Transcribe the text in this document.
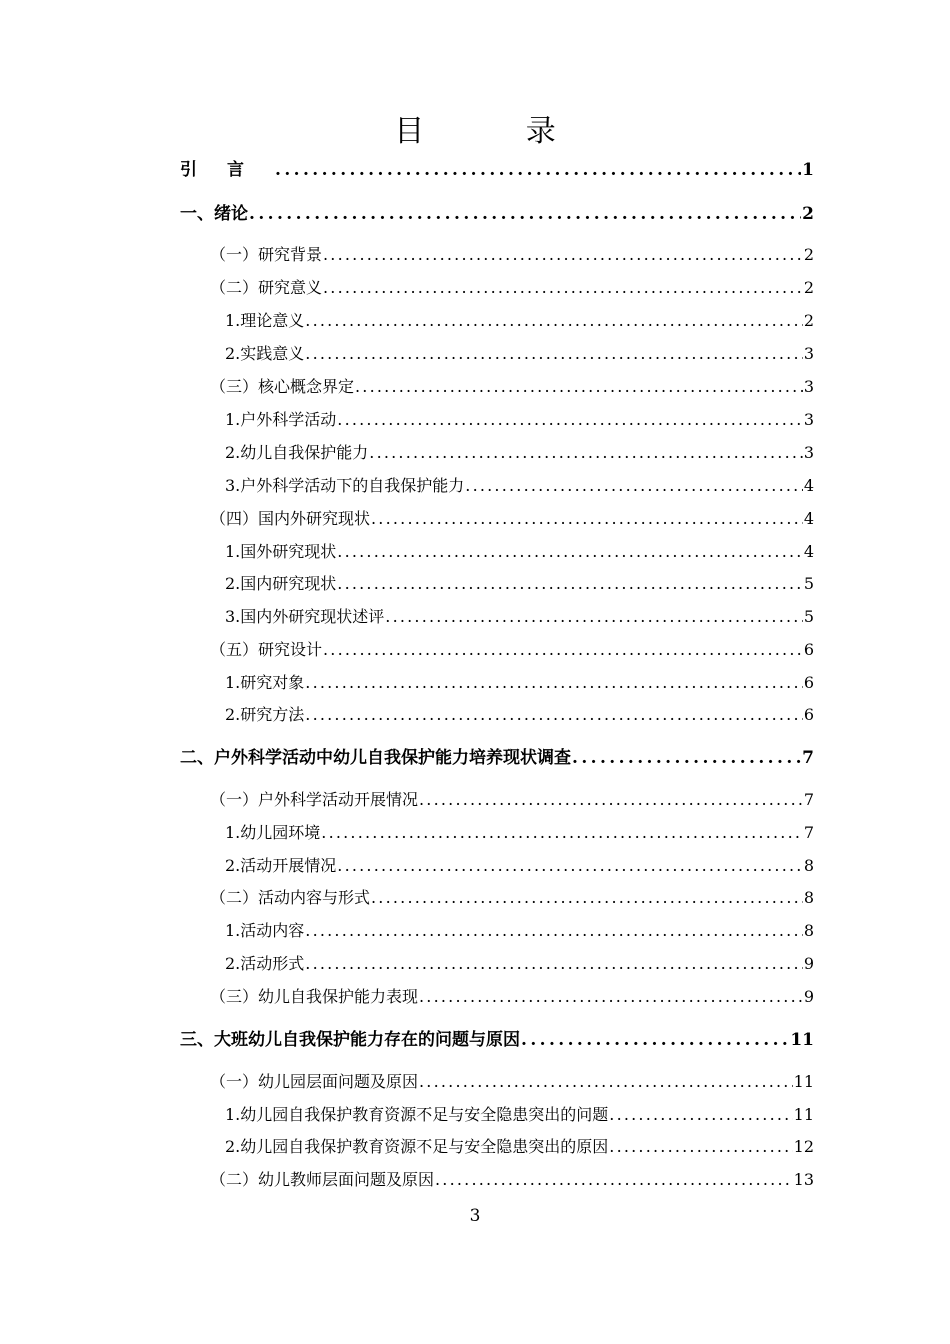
目 录
引言 .....	1
一、绪论 .....	2
（一）研究背景 .....	2
（二）研究意义 .....	2
1.理论意义 .....	2
2.实践意义 .....	3
（三）核心概念界定 .....	3
1.户外科学活动 .....	3
2.幼儿自我保护能力 .....	3
3.户外科学活动下的自我保护能力 .....	4
（四）国内外研究现状 .....	4
1.国外研究现状 .....	4
2.国内研究现状 .....	5
3.国内外研究现状述评 .....	5
（五）研究设计 .....	6
1.研究对象 .....	6
2.研究方法 .....	6
二、户外科学活动中幼儿自我保护能力培养现状调查 .....	7
（一）户外科学活动开展情况 .....	7
1.幼儿园环境 .....	7
2.活动开展情况 .....	8
（二）活动内容与形式 .....	8
1.活动内容 .....	8
2.活动形式 .....	9
（三）幼儿自我保护能力表现 .....	9
三、大班幼儿自我保护能力存在的问题与原因 .....	11
（一）幼儿园层面问题及原因 .....	11
1.幼儿园自我保护教育资源不足与安全隐患突出的问题 .....	11
2.幼儿园自我保护教育资源不足与安全隐患突出的原因 .....	12
（二）幼儿教师层面问题及原因 .....	13
3
